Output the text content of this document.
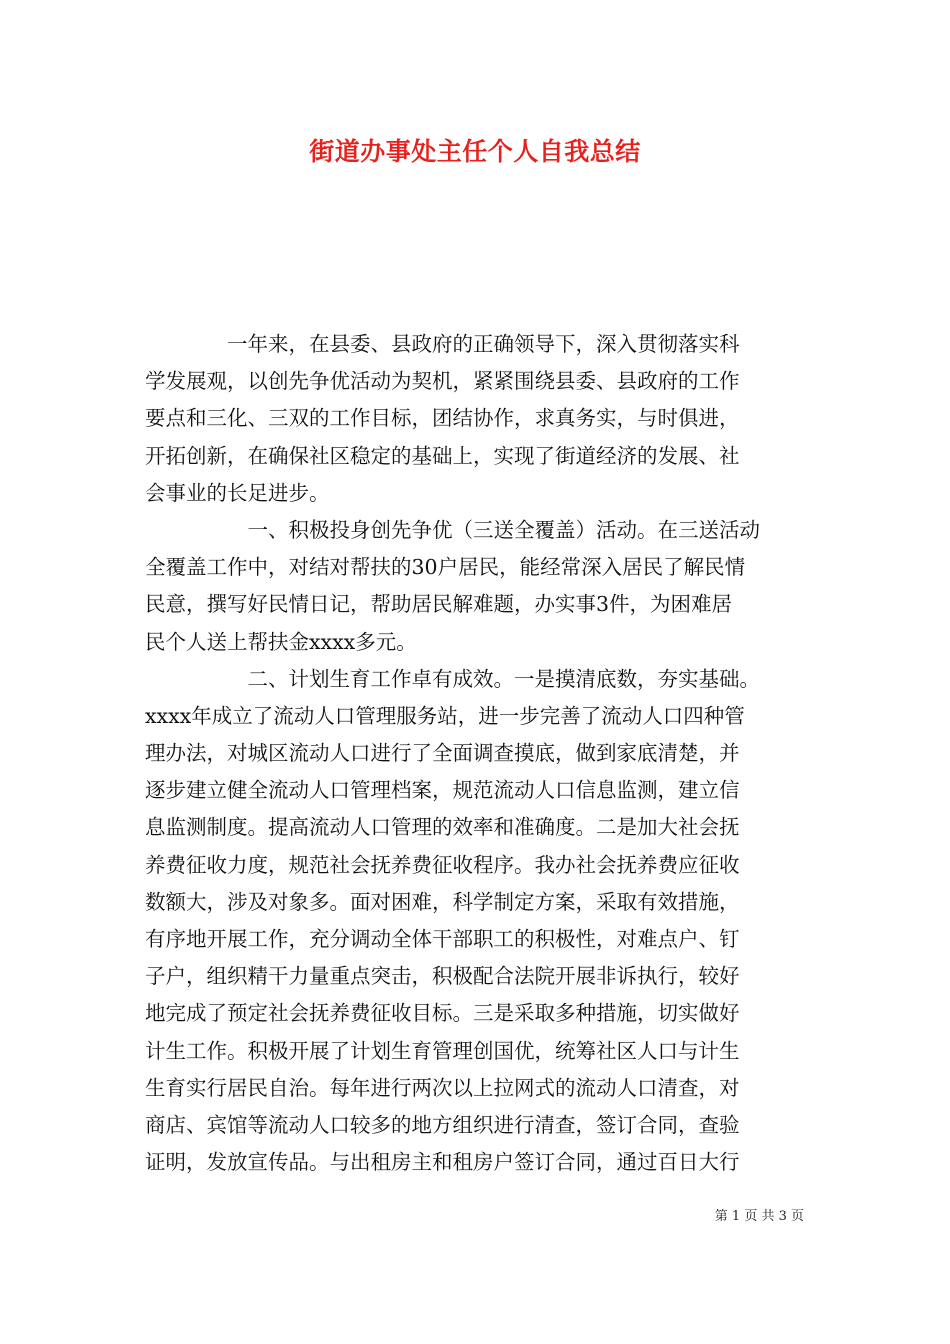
街道办事处主任个人自我总结

　　　　一年来，在县委、县政府的正确领导下，深入贯彻落实科
学发展观，以创先争优活动为契机，紧紧围绕县委、县政府的工作
要点和三化、三双的工作目标，团结协作，求真务实，与时俱进，
开拓创新，在确保社区稳定的基础上，实现了街道经济的发展、社
会事业的长足进步。

　　　　　一、积极投身创先争优（三送全覆盖）活动。在三送活动
全覆盖工作中，对结对帮扶的30户居民，能经常深入居民了解民情
民意，撰写好民情日记，帮助居民解难题，办实事3件，为困难居
民个人送上帮扶金xxxx多元。

　　　　　二、计划生育工作卓有成效。一是摸清底数，夯实基础。
xxxx年成立了流动人口管理服务站，进一步完善了流动人口四种管
理办法，对城区流动人口进行了全面调查摸底，做到家底清楚，并
逐步建立健全流动人口管理档案，规范流动人口信息监测，建立信
息监测制度。提高流动人口管理的效率和准确度。二是加大社会抚
养费征收力度，规范社会抚养费征收程序。我办社会抚养费应征收
数额大，涉及对象多。面对困难，科学制定方案，采取有效措施，
有序地开展工作，充分调动全体干部职工的积极性，对难点户、钉
子户，组织精干力量重点突击，积极配合法院开展非诉执行，较好
地完成了预定社会抚养费征收目标。三是采取多种措施，切实做好
计生工作。积极开展了计划生育管理创国优，统筹社区人口与计生
生育实行居民自治。每年进行两次以上拉网式的流动人口清查，对
商店、宾馆等流动人口较多的地方组织进行清查，签订合同，查验
证明，发放宣传品。与出租房主和租房户签订合同，通过百日大行

第 1 页 共 3 页
